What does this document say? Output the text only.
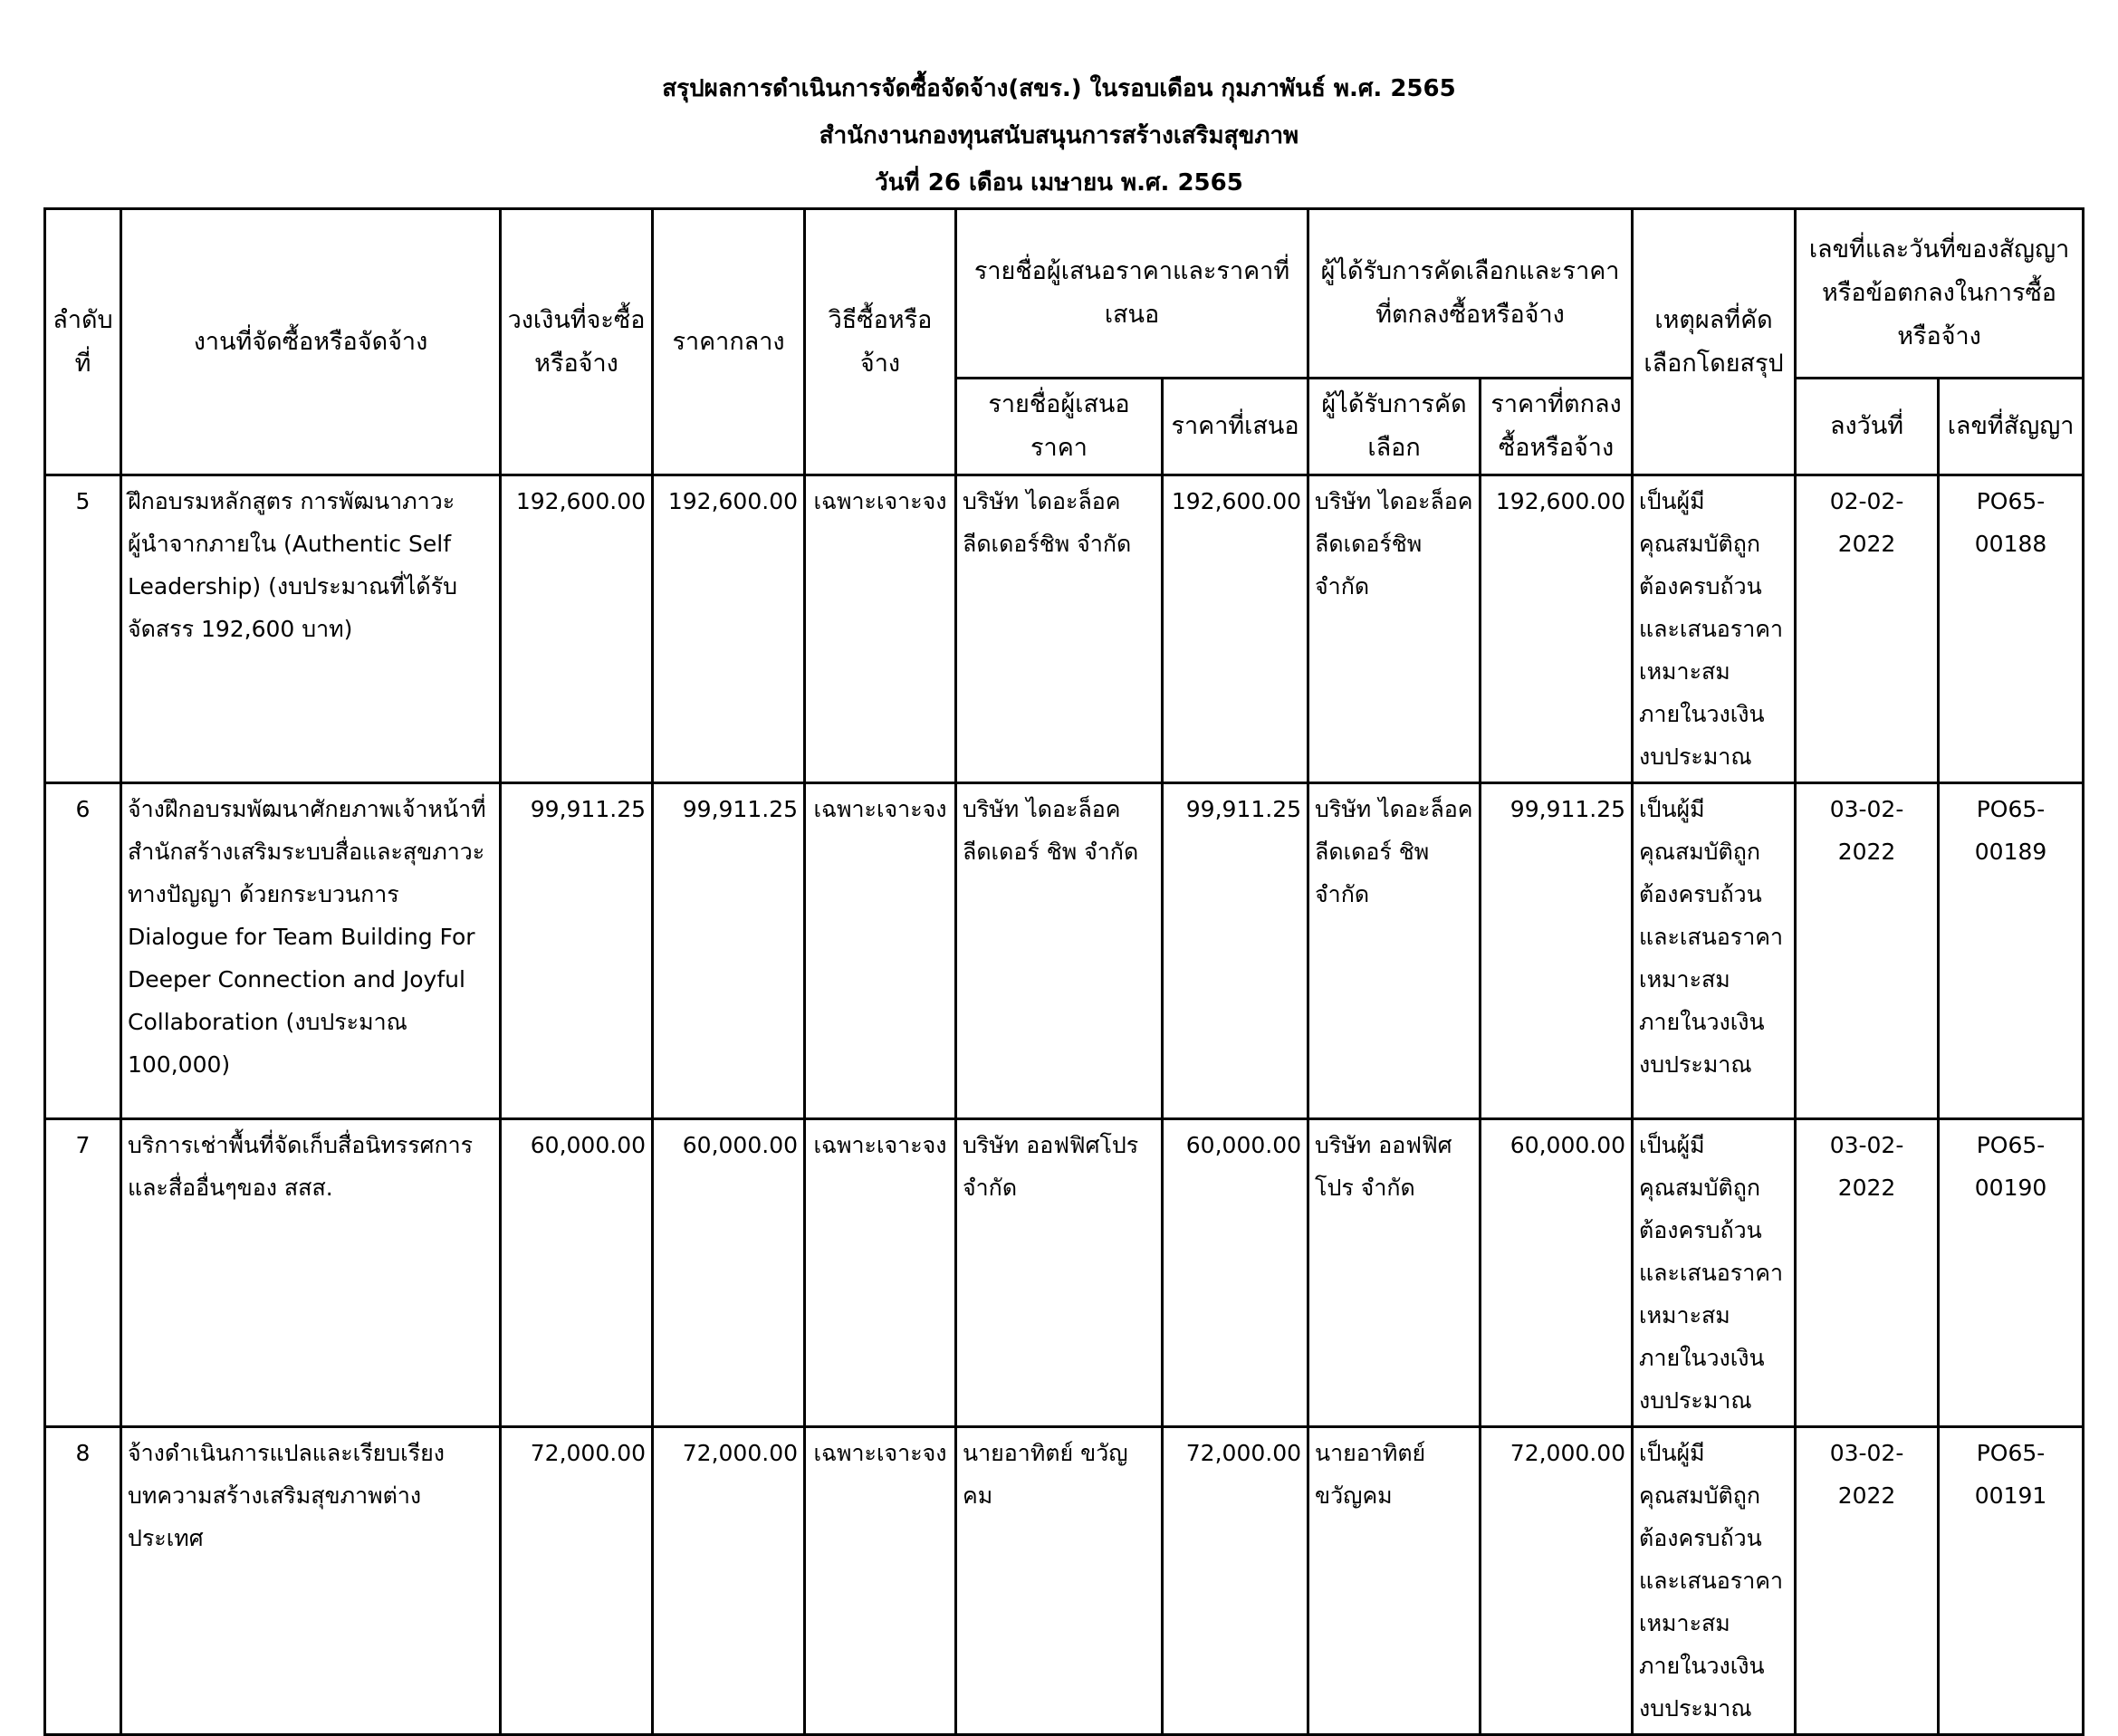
สรุปผลการดำเนินการจัดซื้อจัดจ้าง(สขร.) ในรอบเดือน กุมภาพันธ์ พ.ศ. 2565
สำนักงานกองทุนสนับสนุนการสร้างเสริมสุขภาพ
วันที่ 26 เดือน เมษายน พ.ศ. 2565
ลำดับที่	งานที่จัดซื้อหรือจัดจ้าง	วงเงินที่จะซื้อหรือจ้าง	ราคากลาง	วิธีซื้อหรือจ้าง	รายชื่อผู้เสนอราคาและราคาที่เสนอ		ผู้ได้รับการคัดเลือกและราคาที่ตกลงซื้อหรือจ้าง		เหตุผลที่คัดเลือกโดยสรุป	เลขที่และวันที่ของสัญญาหรือข้อตกลงในการซื้อหรือจ้าง	
					รายชื่อผู้เสนอราคา	ราคาที่เสนอ	ผู้ได้รับการคัดเลือก	ราคาที่ตกลงซื้อหรือจ้าง		ลงวันที่	เลขที่สัญญา
5	ฝึกอบรมหลักสูตร การพัฒนาภาวะผู้นำจากภายใน (Authentic Self Leadership) (งบประมาณที่ได้รับจัดสรร 192,600 บาท)	192,600.00	192,600.00	เฉพาะเจาะจง	บริษัท ไดอะล็อค ลีดเดอร์ชิพ จำกัด	192,600.00	บริษัท ไดอะล็อค ลีดเดอร์ชิพ จำกัด	192,600.00	เป็นผู้มีคุณสมบัติถูกต้องครบถ้วนและเสนอราคาเหมาะสมภายในวงเงินงบประมาณ	02-02-2022	PO65-00188
6	จ้างฝึกอบรมพัฒนาศักยภาพเจ้าหน้าที่สำนักสร้างเสริมระบบสื่อและสุขภาวะทางปัญญา ด้วยกระบวนการ Dialogue for Team Building For Deeper Connection and Joyful Collaboration (งบประมาณ 100,000)	99,911.25	99,911.25	เฉพาะเจาะจง	บริษัท ไดอะล็อค ลีดเดอร์ ชิพ จำกัด	99,911.25	บริษัท ไดอะล็อค ลีดเดอร์ ชิพ จำกัด	99,911.25	เป็นผู้มีคุณสมบัติถูกต้องครบถ้วนและเสนอราคาเหมาะสมภายในวงเงินงบประมาณ	03-02-2022	PO65-00189
7	บริการเช่าพื้นที่จัดเก็บสื่อนิทรรศการและสื่ออื่นๆของ สสส.	60,000.00	60,000.00	เฉพาะเจาะจง	บริษัท ออฟฟิศโปร จำกัด	60,000.00	บริษัท ออฟฟิศ โปร จำกัด	60,000.00	เป็นผู้มีคุณสมบัติถูกต้องครบถ้วนและเสนอราคาเหมาะสมภายในวงเงินงบประมาณ	03-02-2022	PO65-00190
8	จ้างดำเนินการแปลและเรียบเรียงบทความสร้างเสริมสุขภาพต่างประเทศ	72,000.00	72,000.00	เฉพาะเจาะจง	นายอาทิตย์ ขวัญคม	72,000.00	นายอาทิตย์ ขวัญคม	72,000.00	เป็นผู้มีคุณสมบัติถูกต้องครบถ้วนและเสนอราคาเหมาะสมภายในวงเงินงบประมาณ	03-02-2022	PO65-00191
